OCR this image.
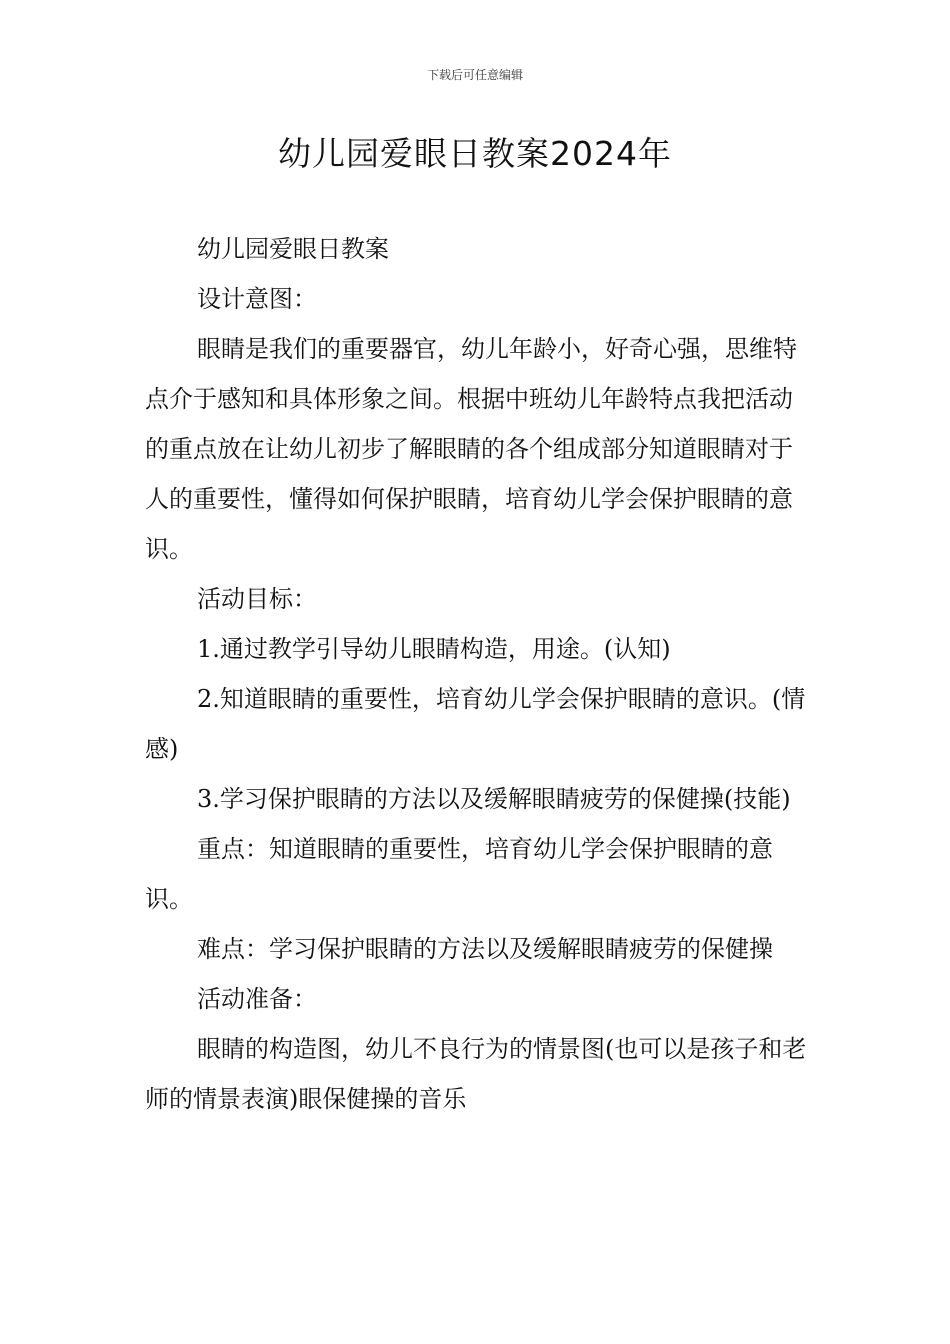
下载后可任意编辑
幼儿园爱眼日教案2024年

幼儿园爱眼日教案

设计意图：

眼睛是我们的重要器官，幼儿年龄小，好奇心强，思维特点介于感知和具体形象之间。根据中班幼儿年龄特点我把活动的重点放在让幼儿初步了解眼睛的各个组成部分知道眼睛对于人的重要性，懂得如何保护眼睛，培育幼儿学会保护眼睛的意识。

活动目标：

1.通过教学引导幼儿眼睛构造，用途。(认知)

2.知道眼睛的重要性，培育幼儿学会保护眼睛的意识。(情感)

3.学习保护眼睛的方法以及缓解眼睛疲劳的保健操(技能)

重点：知道眼睛的重要性，培育幼儿学会保护眼睛的意识。

难点：学习保护眼睛的方法以及缓解眼睛疲劳的保健操

活动准备：

眼睛的构造图，幼儿不良行为的情景图(也可以是孩子和老师的情景表演)眼保健操的音乐
